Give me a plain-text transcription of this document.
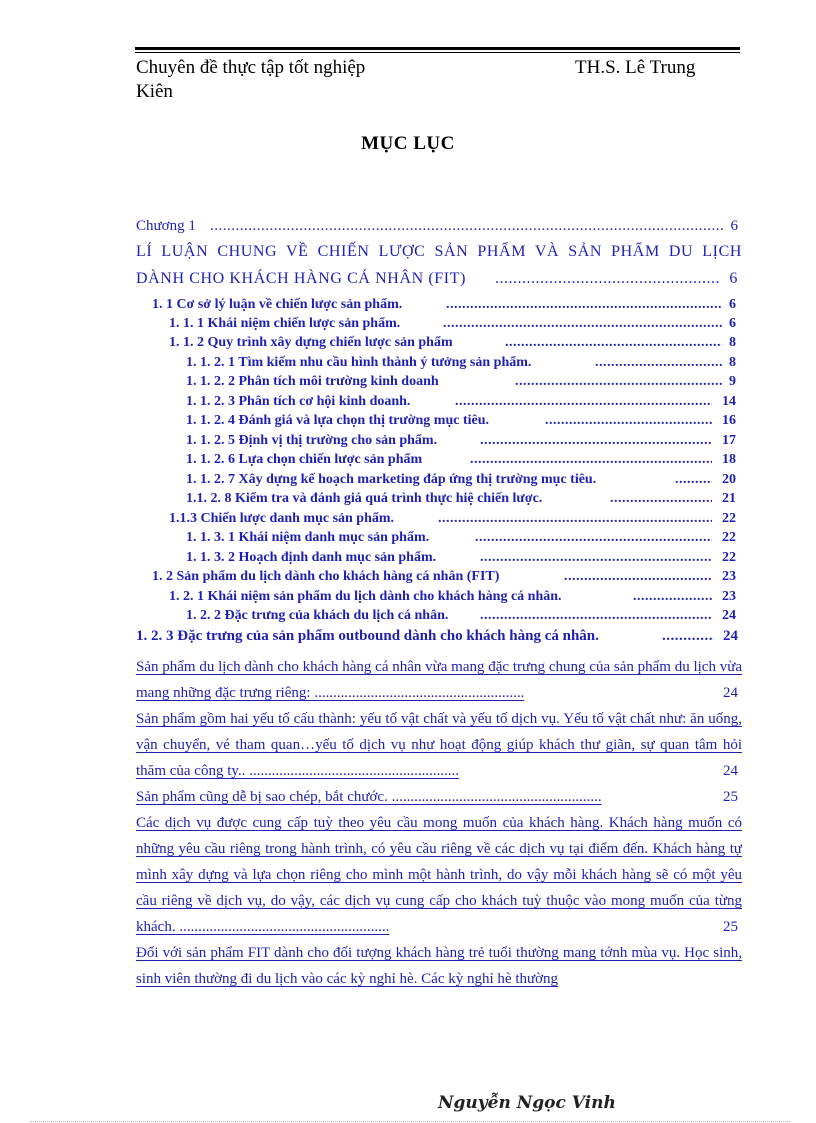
Chuyên đề thực tập tốt nghiệp	TH.S. Lê Trung
Kiên
MỤC LỤC
Chương 1 .....	6
LÍ LUẬN CHUNG VỀ CHIẾN LƯỢC SẢN PHẨM VÀ SẢN PHẨM DU LỊCH
DÀNH CHO KHÁCH HÀNG CÁ NHÂN (FIT) .....	6
1. 1 Cơ sở lý luận về chiến lược sản phẩm. .....	6
1. 1. 1 Khái niệm chiến lược sản phẩm. .....	6
1. 1. 2 Quy trình xây dựng chiến lược sản phẩm .....	8
1. 1. 2. 1 Tìm kiếm nhu cầu hình thành ý tưởng sản phẩm. .....	8
1. 1. 2. 2 Phân tích môi trường kinh doanh .....	9
1. 1. 2. 3 Phân tích cơ hội kinh doanh. .....	14
1. 1. 2. 4 Đánh giá và lựa chọn thị trường mục tiêu. .....	16
1. 1. 2. 5 Định vị thị trường cho sản phẩm. .....	17
1. 1. 2. 6 Lựa chọn chiến lược sản phẩm .....	18
1. 1. 2. 7 Xây dựng kế hoạch marketing đáp ứng thị trường mục tiêu. .....	20
1.1. 2. 8 Kiểm tra và đánh giá quá trình thực hiệ chiến lược. .....	21
1.1.3 Chiến lược danh mục sản phẩm. .....	22
1. 1. 3. 1 Khái niệm danh mục sản phẩm. .....	22
1. 1. 3. 2 Hoạch định danh mục sản phẩm. .....	22
1. 2 Sản phẩm du lịch dành cho khách hàng cá nhân (FIT) .....	23
1. 2. 1 Khái niệm sản phẩm du lịch dành cho khách hàng cá nhân. .....	23
1. 2. 2 Đặc trưng của khách du lịch cá nhân. .....	24
1. 2. 3 Đặc trưng của sản phẩm outbound dành cho khách hàng cá nhân. .....	24
Sản phẩm du lịch dành cho khách hàng cá nhân vừa mang đặc trưng chung của sản phẩm du lịch vừa mang những đặc trưng riêng: ........................................................	24
Sản phẩm gồm hai yếu tố cấu thành: yếu tố vật chất và yếu tố dịch vụ. Yếu tố vật chất như: ăn uống, vận chuyển, vé tham quan…yếu tố dịch vụ như hoạt động giúp khách thư giãn, sự quan tâm hỏi thăm của công ty.. ........................................................	24
Sản phẩm cũng dễ bị sao chép, bắt chước. ........................................................	25
Các dịch vụ được cung cấp tuỳ theo yêu cầu mong muốn của khách hàng. Khách hàng muốn có những yêu cầu riêng trong hành trình, có yêu cầu riêng về các dịch vụ tại điểm đến. Khách hàng tự mình xây dựng và lựa chọn riêng cho mình một hành trình, do vậy mỗi khách hàng sẽ có một yêu cầu riêng về dịch vụ, do vậy, các dịch vụ cung cấp cho khách tuỳ thuộc vào mong muốn của từng khách. ........................................................	25
Đối với sản phẩm FIT dành cho đối tượng khách hàng trẻ tuổi thường mang tớnh mùa vụ. Học sinh, sinh viên thường đi du lịch vào các kỳ nghỉ hè. Các kỳ nghỉ hè thường
Nguyễn Ngọc Vinh
